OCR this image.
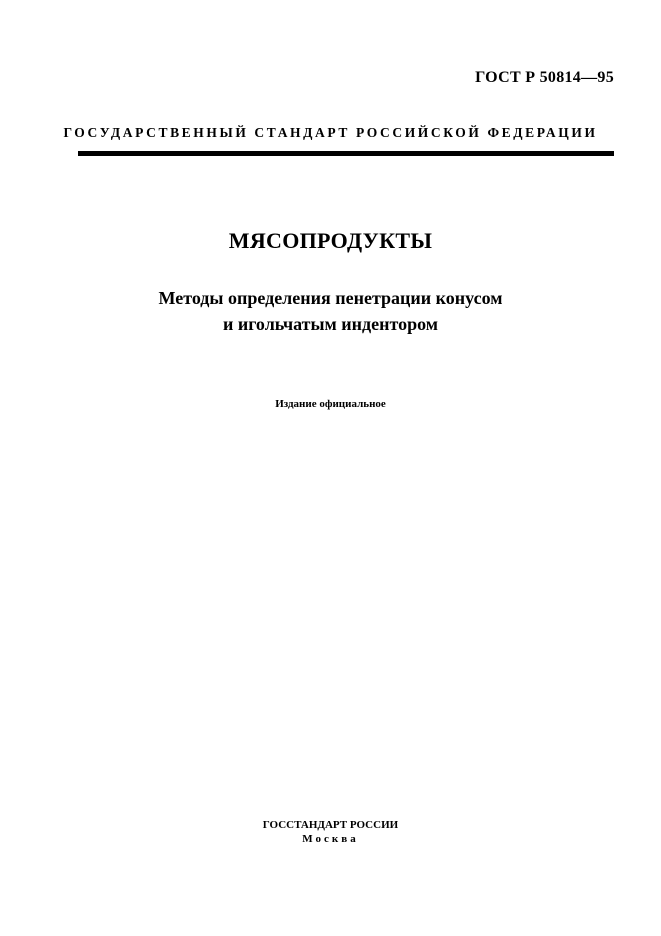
ГОСТ Р 50814—95
ГОСУДАРСТВЕННЫЙ СТАНДАРТ РОССИЙСКОЙ ФЕДЕРАЦИИ
МЯСОПРОДУКТЫ
Методы определения пенетрации конусом
и игольчатым индентором
Издание официальное
ГОССТАНДАРТ РОССИИ
Москва
